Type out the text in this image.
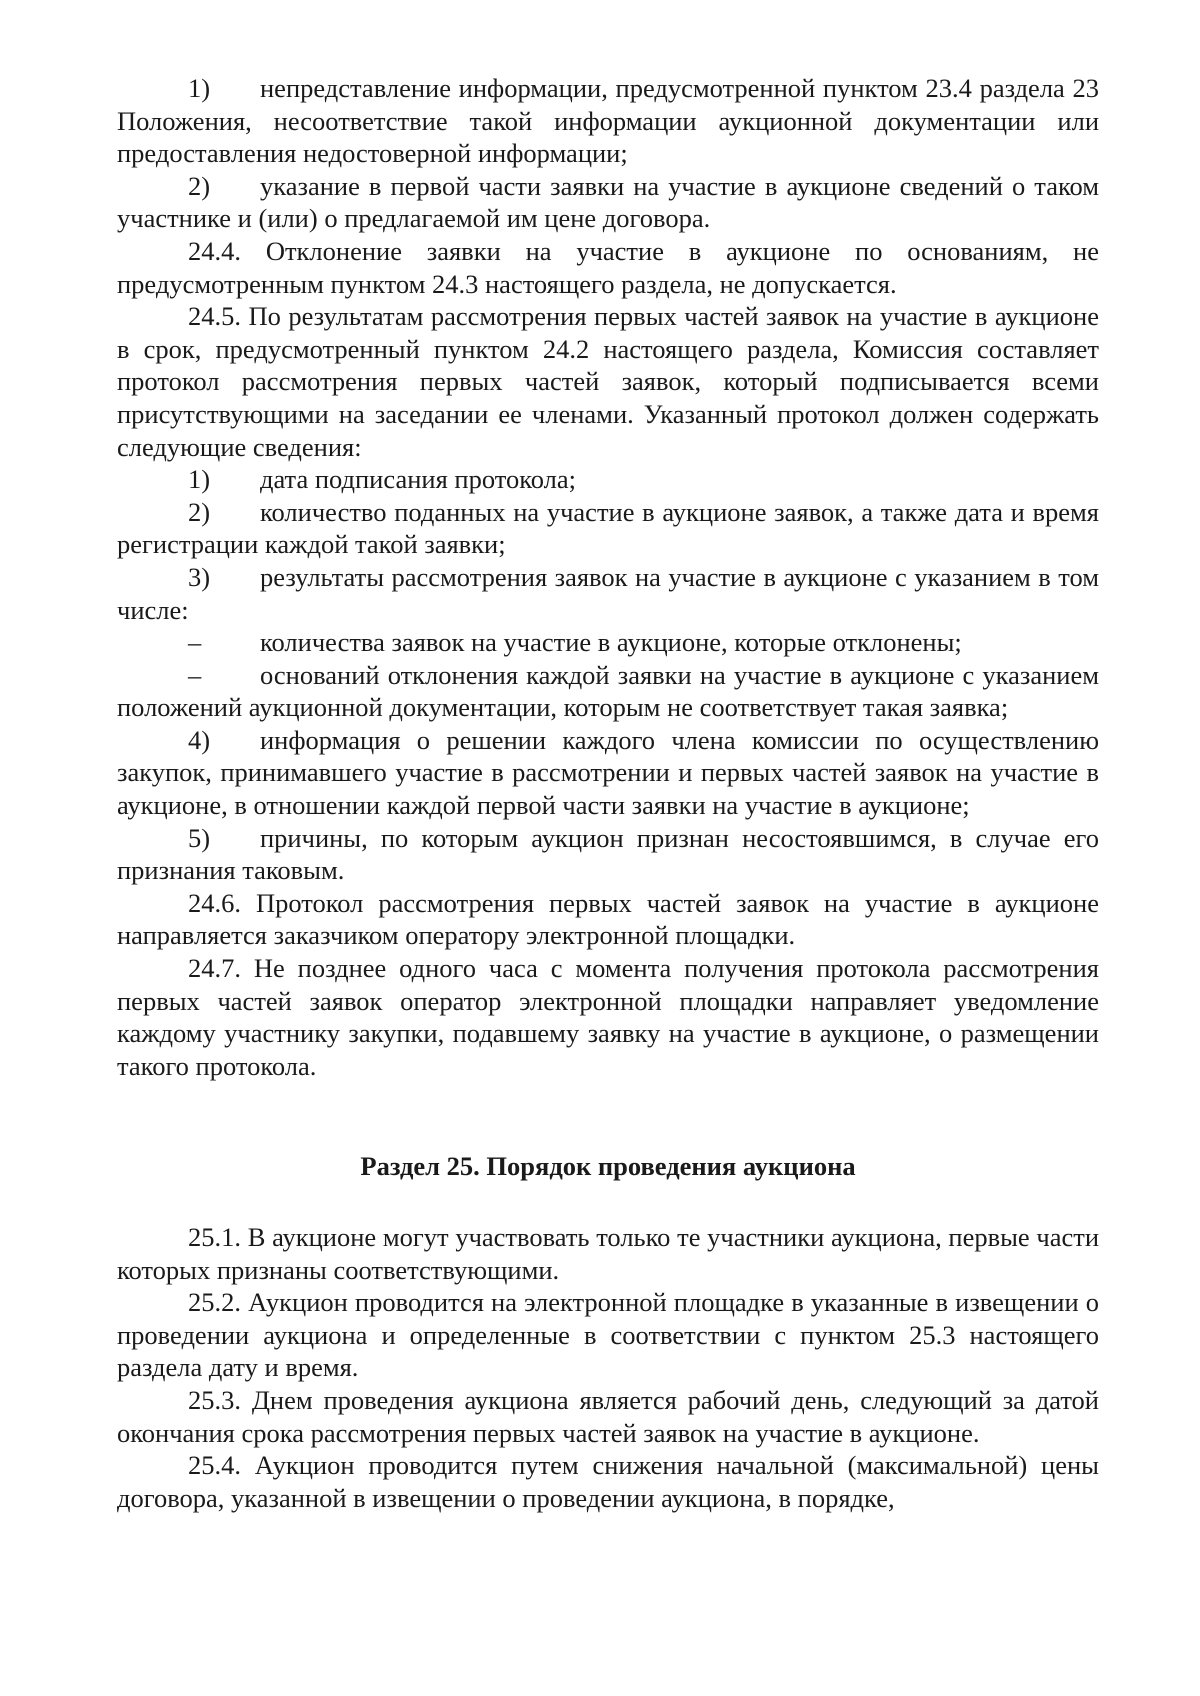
1) непредставление информации, предусмотренной пунктом 23.4 раздела 23 Положения, несоответствие такой информации аукционной документации или предоставления недостоверной информации;

2) указание в первой части заявки на участие в аукционе сведений о таком участнике и (или) о предлагаемой им цене договора.

24.4. Отклонение заявки на участие в аукционе по основаниям, не предусмотренным пунктом 24.3 настоящего раздела, не допускается.

24.5. По результатам рассмотрения первых частей заявок на участие в аукционе в срок, предусмотренный пунктом 24.2 настоящего раздела, Комиссия составляет протокол рассмотрения первых частей заявок, который подписывается всеми присутствующими на заседании ее членами. Указанный протокол должен содержать следующие сведения:

1) дата подписания протокола;

2) количество поданных на участие в аукционе заявок, а также дата и время регистрации каждой такой заявки;

3) результаты рассмотрения заявок на участие в аукционе с указанием в том числе:

– количества заявок на участие в аукционе, которые отклонены;

– оснований отклонения каждой заявки на участие в аукционе с указанием положений аукционной документации, которым не соответствует такая заявка;

4) информация о решении каждого члена комиссии по осуществлению закупок, принимавшего участие в рассмотрении и первых частей заявок на участие в аукционе, в отношении каждой первой части заявки на участие в аукционе;

5) причины, по которым аукцион признан несостоявшимся, в случае его признания таковым.

24.6. Протокол рассмотрения первых частей заявок на участие в аукционе направляется заказчиком оператору электронной площадки.

24.7. Не позднее одного часа с момента получения протокола рассмотрения первых частей заявок оператор электронной площадки направляет уведомление каждому участнику закупки, подавшему заявку на участие в аукционе, о размещении такого протокола.

Раздел 25. Порядок проведения аукциона

25.1. В аукционе могут участвовать только те участники аукциона, первые части которых признаны соответствующими.

25.2. Аукцион проводится на электронной площадке в указанные в извещении о проведении аукциона и определенные в соответствии с пунктом 25.3 настоящего раздела дату и время.

25.3. Днем проведения аукциона является рабочий день, следующий за датой окончания срока рассмотрения первых частей заявок на участие в аукционе.

25.4. Аукцион проводится путем снижения начальной (максимальной) цены договора, указанной в извещении о проведении аукциона, в порядке,
